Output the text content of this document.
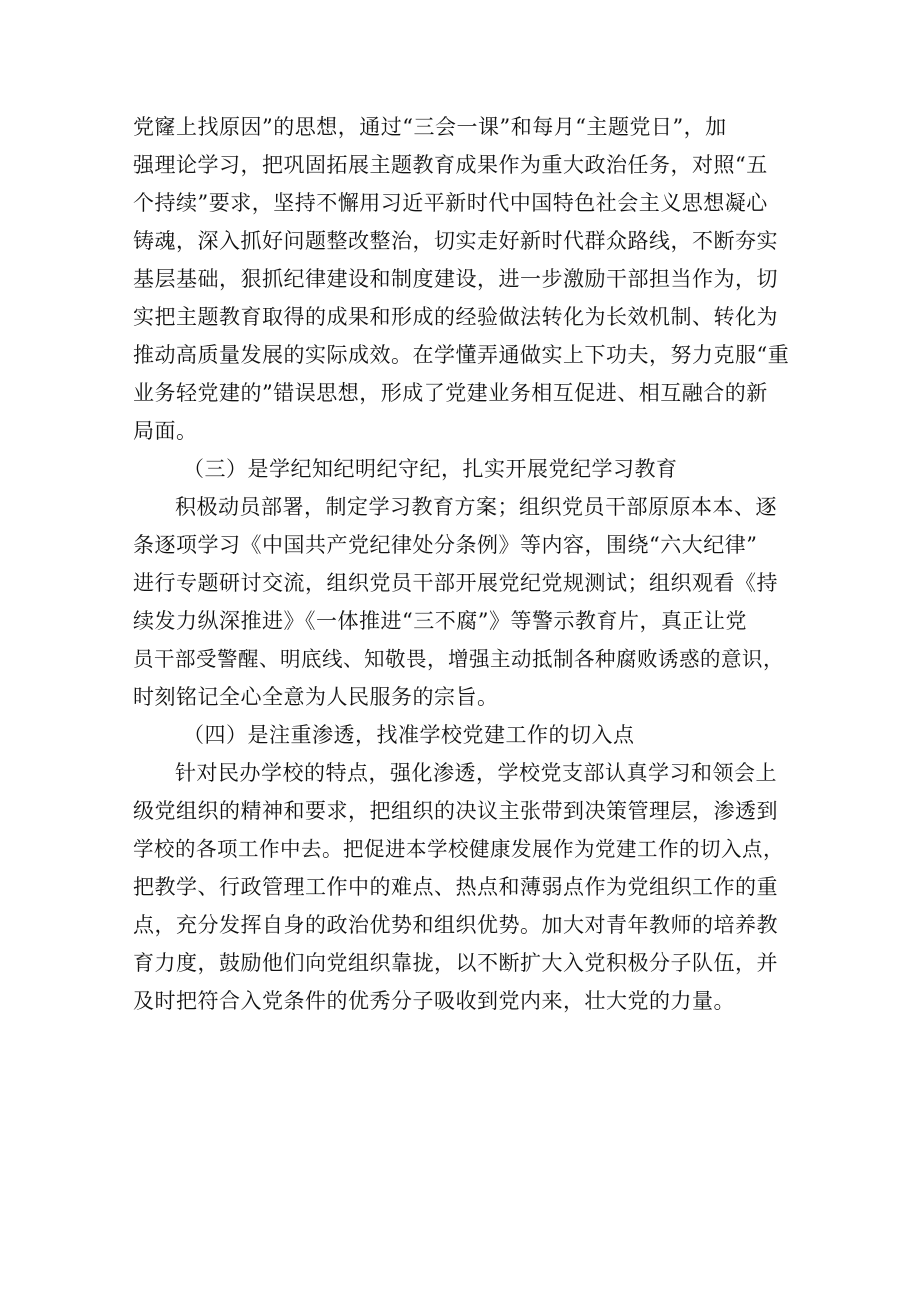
党窿上找原因”的思想，通过“三会一课”和每月“主题党日”，加
强理论学习，把巩固拓展主题教育成果作为重大政治任务，对照“五
个持续”要求，坚持不懈用习近平新时代中国特色社会主义思想凝心
铸魂，深入抓好问题整改整治，切实走好新时代群众路线，不断夯实
基层基础，狠抓纪律建设和制度建设，进一步激励干部担当作为，切
实把主题教育取得的成果和形成的经验做法转化为长效机制、转化为
推动高质量发展的实际成效。在学懂弄通做实上下功夫，努力克服“重
业务轻党建的”错误思想，形成了党建业务相互促进、相互融合的新
局面。
（三）是学纪知纪明纪守纪，扎实开展党纪学习教育
积极动员部署，制定学习教育方案；组织党员干部原原本本、逐
条逐项学习《中国共产党纪律处分条例》等内容，围绕“六大纪律”
进行专题研讨交流，组织党员干部开展党纪党规测试；组织观看《持
续发力纵深推进》《一体推进“三不腐”》等警示教育片，真正让党
员干部受警醒、明底线、知敬畏，增强主动抵制各种腐败诱惑的意识，
时刻铭记全心全意为人民服务的宗旨。
（四）是注重渗透，找准学校党建工作的切入点
针对民办学校的特点，强化渗透，学校党支部认真学习和领会上
级党组织的精神和要求，把组织的决议主张带到决策管理层，渗透到
学校的各项工作中去。把促进本学校健康发展作为党建工作的切入点，
把教学、行政管理工作中的难点、热点和薄弱点作为党组织工作的重
点，充分发挥自身的政治优势和组织优势。加大对青年教师的培养教
育力度，鼓励他们向党组织靠拢，以不断扩大入党积极分子队伍，并
及时把符合入党条件的优秀分子吸收到党内来，壮大党的力量。
